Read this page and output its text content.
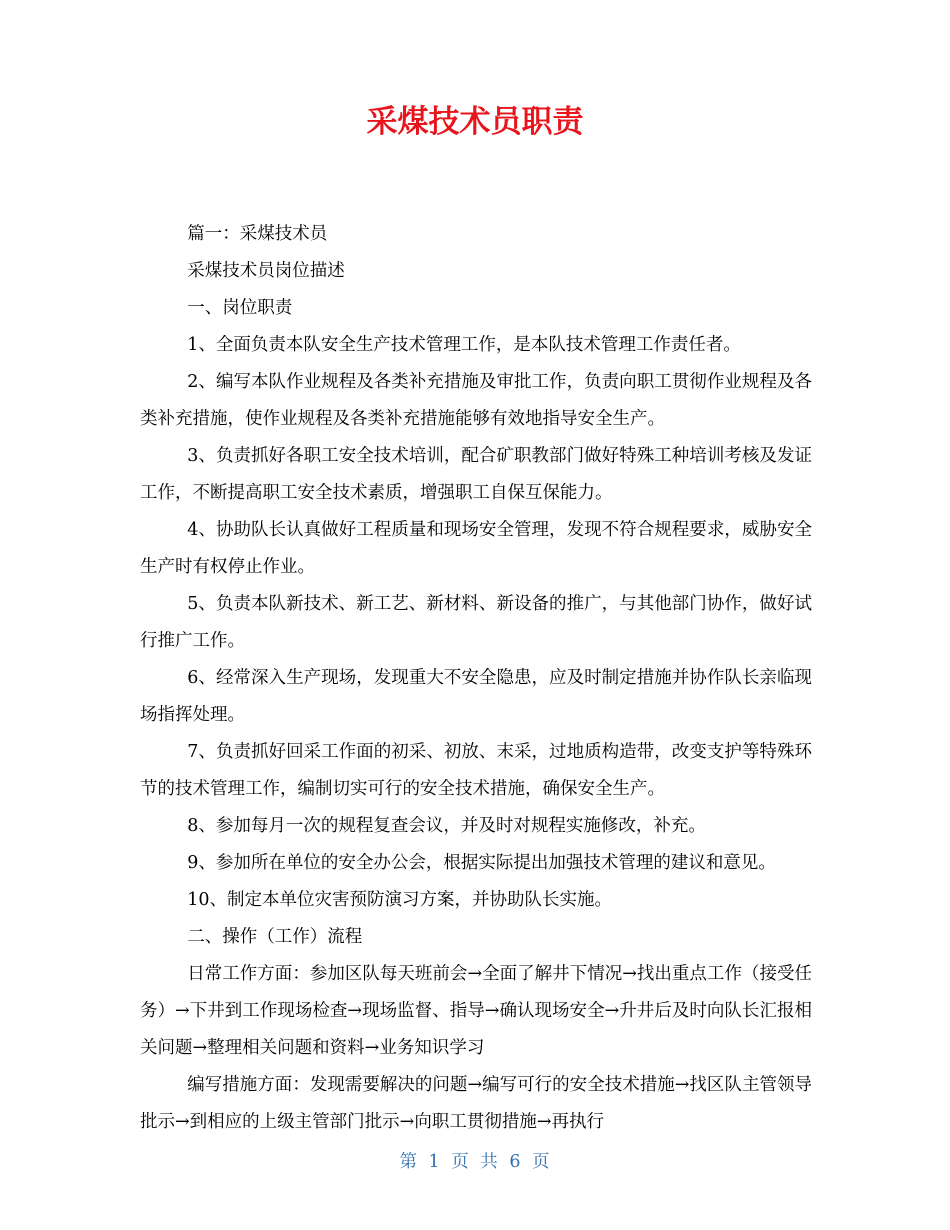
采煤技术员职责

篇一：采煤技术员

采煤技术员岗位描述

一、岗位职责

1、全面负责本队安全生产技术管理工作，是本队技术管理工作责任者。

2、编写本队作业规程及各类补充措施及审批工作，负责向职工贯彻作业规程及各类补充措施，使作业规程及各类补充措施能够有效地指导安全生产。

3、负责抓好各职工安全技术培训，配合矿职教部门做好特殊工种培训考核及发证工作，不断提高职工安全技术素质，增强职工自保互保能力。

4、协助队长认真做好工程质量和现场安全管理，发现不符合规程要求，威胁安全生产时有权停止作业。

5、负责本队新技术、新工艺、新材料、新设备的推广，与其他部门协作，做好试行推广工作。

6、经常深入生产现场，发现重大不安全隐患，应及时制定措施并协作队长亲临现场指挥处理。

7、负责抓好回采工作面的初采、初放、末采，过地质构造带，改变支护等特殊环节的技术管理工作，编制切实可行的安全技术措施，确保安全生产。

8、参加每月一次的规程复查会议，并及时对规程实施修改，补充。

9、参加所在单位的安全办公会，根据实际提出加强技术管理的建议和意见。

10、制定本单位灾害预防演习方案，并协助队长实施。

二、操作（工作）流程

日常工作方面：参加区队每天班前会→全面了解井下情况→找出重点工作（接受任务）→下井到工作现场检查→现场监督、指导→确认现场安全→升井后及时向队长汇报相关问题→整理相关问题和资料→业务知识学习

编写措施方面：发现需要解决的问题→编写可行的安全技术措施→找区队主管领导批示→到相应的上级主管部门批示→向职工贯彻措施→再执行

第 1 页 共 6 页
